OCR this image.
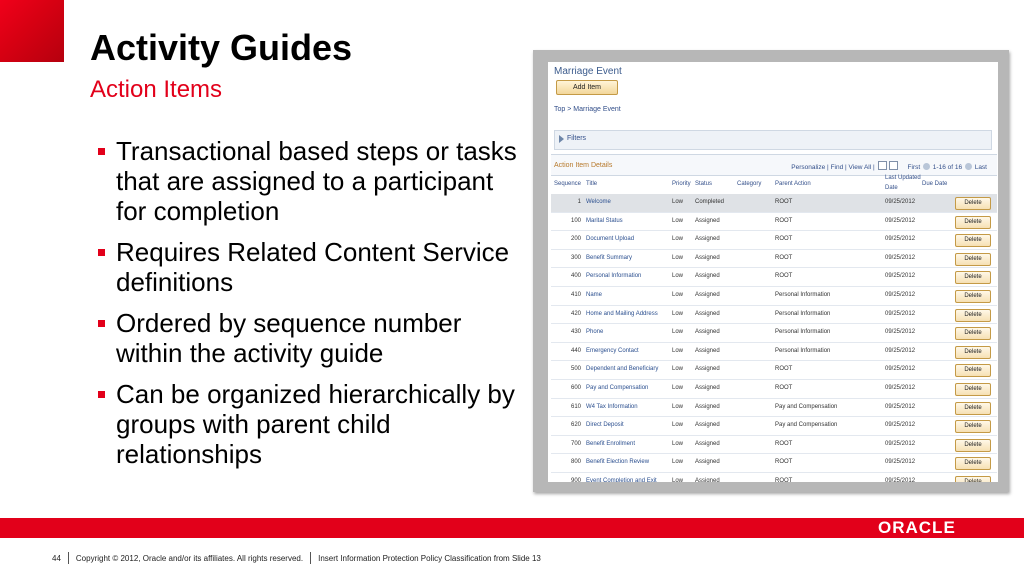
Activity Guides
Action Items
Transactional based steps or tasks that are assigned to a participant for completion
Requires Related Content Service definitions
Ordered by sequence number within the activity guide
Can be organized hierarchically by groups with parent child relationships
Marriage Event
Add Item
Top > Marriage Event
Filters
Action Item Details	Personalize | Find | View All |	First 1-16 of 16 Last
Sequence Title	Priority Status	Category Parent Action
Last Updated
Date
Due Date
1 Welcome	Low Completed	ROOT	09/25/2012	Delete
100 Marital Status	Low Assigned	ROOT	09/25/2012	Delete
200 Document Upload	Low Assigned	ROOT	09/25/2012	Delete
300 Benefit Summary	Low Assigned	ROOT	09/25/2012	Delete
400 Personal Information	Low Assigned	ROOT	09/25/2012	Delete
410 Name	Low Assigned	Personal Information	09/25/2012	Delete
420 Home and Mailing Address Low Assigned	Personal Information	09/25/2012	Delete
430 Phone	Low Assigned	Personal Information	09/25/2012	Delete
440 Emergency Contact	Low Assigned	Personal Information	09/25/2012	Delete
500 Dependent and Beneficiary Low Assigned	ROOT	09/25/2012	Delete
600 Pay and Compensation	Low Assigned	ROOT	09/25/2012	Delete
610 W4 Tax Information	Low Assigned	Pay and Compensation	09/25/2012	Delete
620 Direct Deposit	Low Assigned	Pay and Compensation	09/25/2012	Delete
700 Benefit Enrollment	Low Assigned	ROOT	09/25/2012	Delete
800 Benefit Election Review	Low Assigned	ROOT	09/25/2012	Delete
900 Event Completion and Exit	Low Assigned	ROOT	09/25/2012	Delete
ORACLE
44 Copyright © 2012, Oracle and/or its affiliates. All rights reserved. Insert Information Protection Policy Classification from Slide 13
